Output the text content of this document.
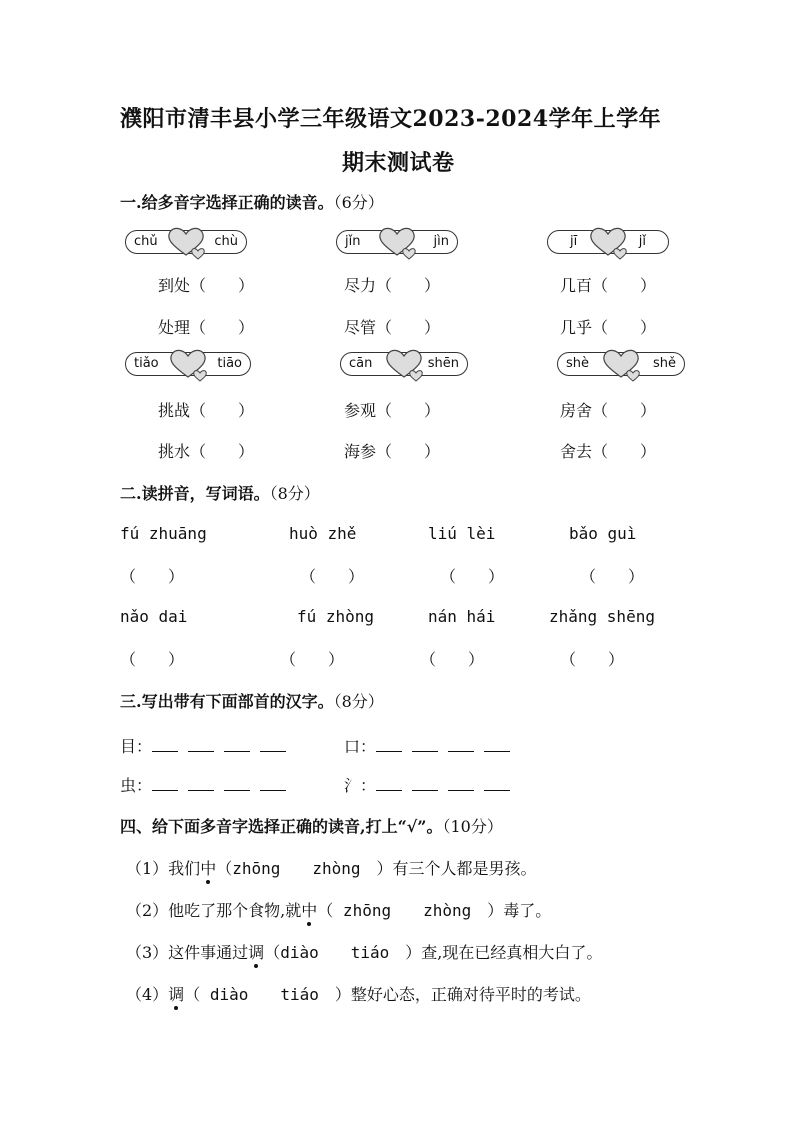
濮阳市清丰县小学三年级语文2023-2024学年上学年
期末测试卷
一.给多音字选择正确的读音。（6分）
chǔ	chù	jǐn	jìn	jī	jǐ
到处（　　）	尽力（　　）	几百（　　）
处理（　　）	尽管（　　）	几乎（　　）
tiǎo	tiāo	cān	shēn	shè	shě
挑战（　　）	参观（　　）	房舍（　　）
挑水（　　）	海参（　　）	舍去（　　）
二.读拼音，写词语。（8分）
fú zhuāng	huò zhě	liú lèi	bǎo guì
（　　）	（　　）	（　　）	（　　）
nǎo dai	fú zhòng	nán hái	zhǎng shēng
（　　）	（　　）	（　　）	（　　）
三.写出带有下面部首的汉字。（8分）
目：	口：
虫：	氵：
四、给下面多音字选择正确的读音,打上“√”。（10分）
（1）我们中（zhōng　　zhòng　）有三个人都是男孩。
（2）他吃了那个食物,就中（ zhōng　　zhòng　）毒了。
（3）这件事通过调（diào　　tiáo　）查,现在已经真相大白了。
（4）调（ diào　　tiáo　）整好心态，正确对待平时的考试。
